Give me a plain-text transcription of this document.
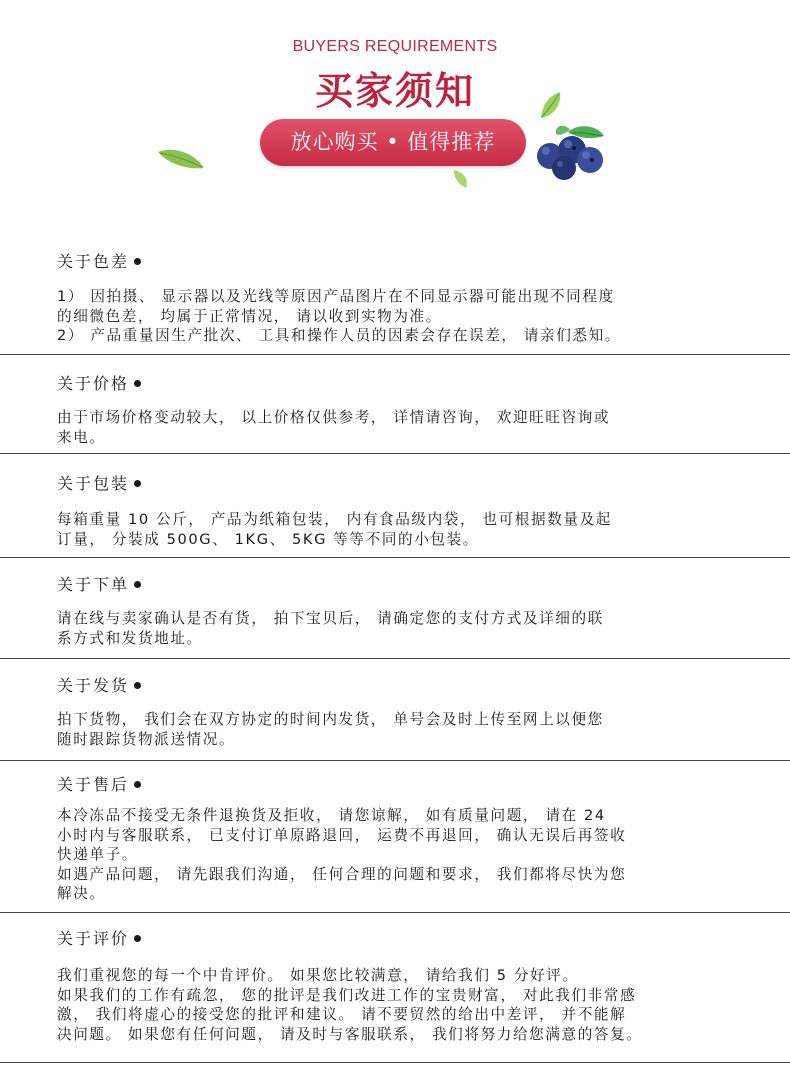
BUYERS REQUIREMENTS
买家须知
放心购买 • 值得推荐
关于色差
1） 因拍摄、 显示器以及光线等原因产品图片在不同显示器可能出现不同程度
的细微色差， 均属于正常情况， 请以收到实物为准。
2） 产品重量因生产批次、 工具和操作人员的因素会存在误差， 请亲们悉知。
关于价格
由于市场价格变动较大， 以上价格仅供参考， 详情请咨询， 欢迎旺旺咨询或
来电。
关于包装
每箱重量 10 公斤， 产品为纸箱包装， 内有食品级内袋， 也可根据数量及起
订量， 分装成 500G、 1KG、 5KG 等等不同的小包装。
关于下单
请在线与卖家确认是否有货， 拍下宝贝后， 请确定您的支付方式及详细的联
系方式和发货地址。
关于发货
拍下货物， 我们会在双方协定的时间内发货， 单号会及时上传至网上以便您
随时跟踪货物派送情况。
关于售后
本冷冻品不接受无条件退换货及拒收， 请您谅解， 如有质量问题， 请在 24
小时内与客服联系， 已支付订单原路退回， 运费不再退回， 确认无误后再签收
快递单子。
如遇产品问题， 请先跟我们沟通， 任何合理的问题和要求， 我们都将尽快为您
解决。
关于评价
我们重视您的每一个中肯评价。 如果您比较满意， 请给我们 5 分好评。
如果我们的工作有疏忽， 您的批评是我们改进工作的宝贵财富， 对此我们非常感
激， 我们将虚心的接受您的批评和建议。 请不要贸然的给出中差评， 并不能解
决问题。 如果您有任何问题， 请及时与客服联系， 我们将努力给您满意的答复。
